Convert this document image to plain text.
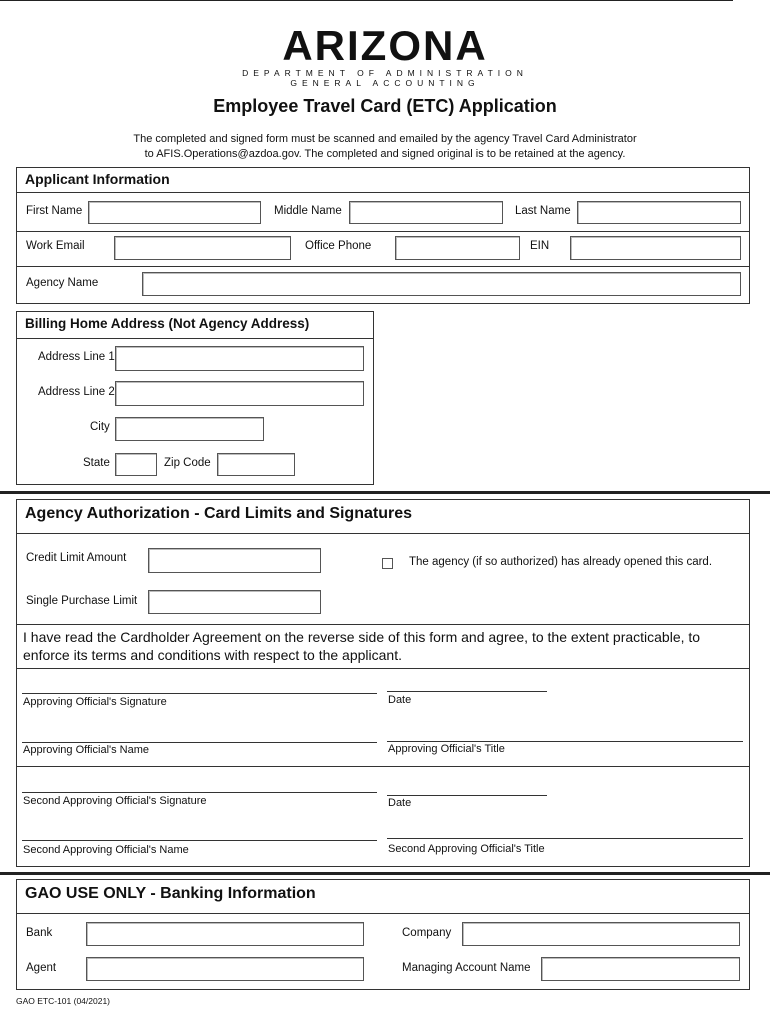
ARIZONA
DEPARTMENT OF ADMINISTRATION
GENERAL ACCOUNTING
Employee Travel Card (ETC) Application
The completed and signed form must be scanned and emailed by the agency Travel Card Administrator
to AFIS.Operations@azdoa.gov. The completed and signed original is to be retained at the agency.
Applicant Information
First Name	Middle Name	Last Name
Work Email	Office Phone	EIN
Agency Name
Billing Home Address (Not Agency Address)
Address Line 1
Address Line 2
City
State	Zip Code
Agency Authorization - Card Limits and Signatures
Credit Limit Amount	The agency (if so authorized) has already opened this card.
Single Purchase Limit
I have read the Cardholder Agreement on the reverse side of this form and agree, to the extent practicable, to
enforce its terms and conditions with respect to the applicant.
Approving Official's Signature	Date
Approving Official's Name	Approving Official's Title
Second Approving Official's Signature	Date
Second Approving Official's Name	Second Approving Official's Title
GAO USE ONLY - Banking Information
Bank	Company
Agent	Managing Account Name
GAO ETC-101 (04/2021)
